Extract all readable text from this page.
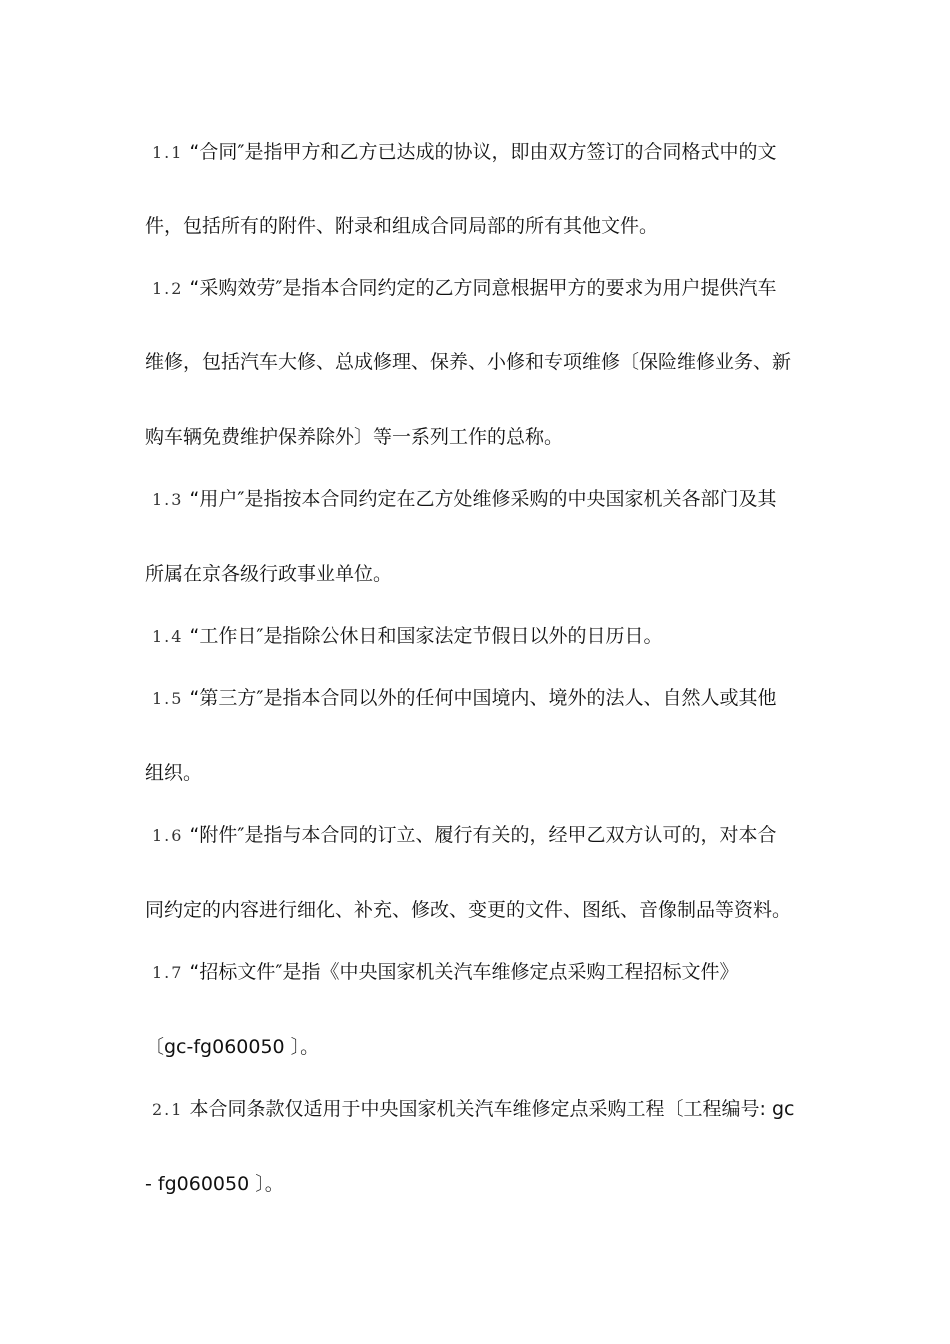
1.1 “合同″是指甲方和乙方已达成的协议，即由双方签订的合同格式中的文
件，包括所有的附件、附录和组成合同局部的所有其他文件。
1.2 “采购效劳″是指本合同约定的乙方同意根据甲方的要求为用户提供汽车
维修，包括汽车大修、总成修理、保养、小修和专项维修〔保险维修业务、新
购车辆免费维护保养除外〕等一系列工作的总称。
1.3 “用户″是指按本合同约定在乙方处维修采购的中央国家机关各部门及其
所属在京各级行政事业单位。
1.4 “工作日″是指除公休日和国家法定节假日以外的日历日。
1.5 “第三方″是指本合同以外的任何中国境内、境外的法人、自然人或其他
组织。
1.6 “附件″是指与本合同的订立、履行有关的，经甲乙双方认可的，对本合
同约定的内容进行细化、补充、修改、变更的文件、图纸、音像制品等资料。
1.7 “招标文件″是指《中央国家机关汽车维修定点采购工程招标文件》
〔gc-fg060050 〕。
2.1 本合同条款仅适用于中央国家机关汽车维修定点采购工程〔工程编号: gc
- fg060050 〕。
